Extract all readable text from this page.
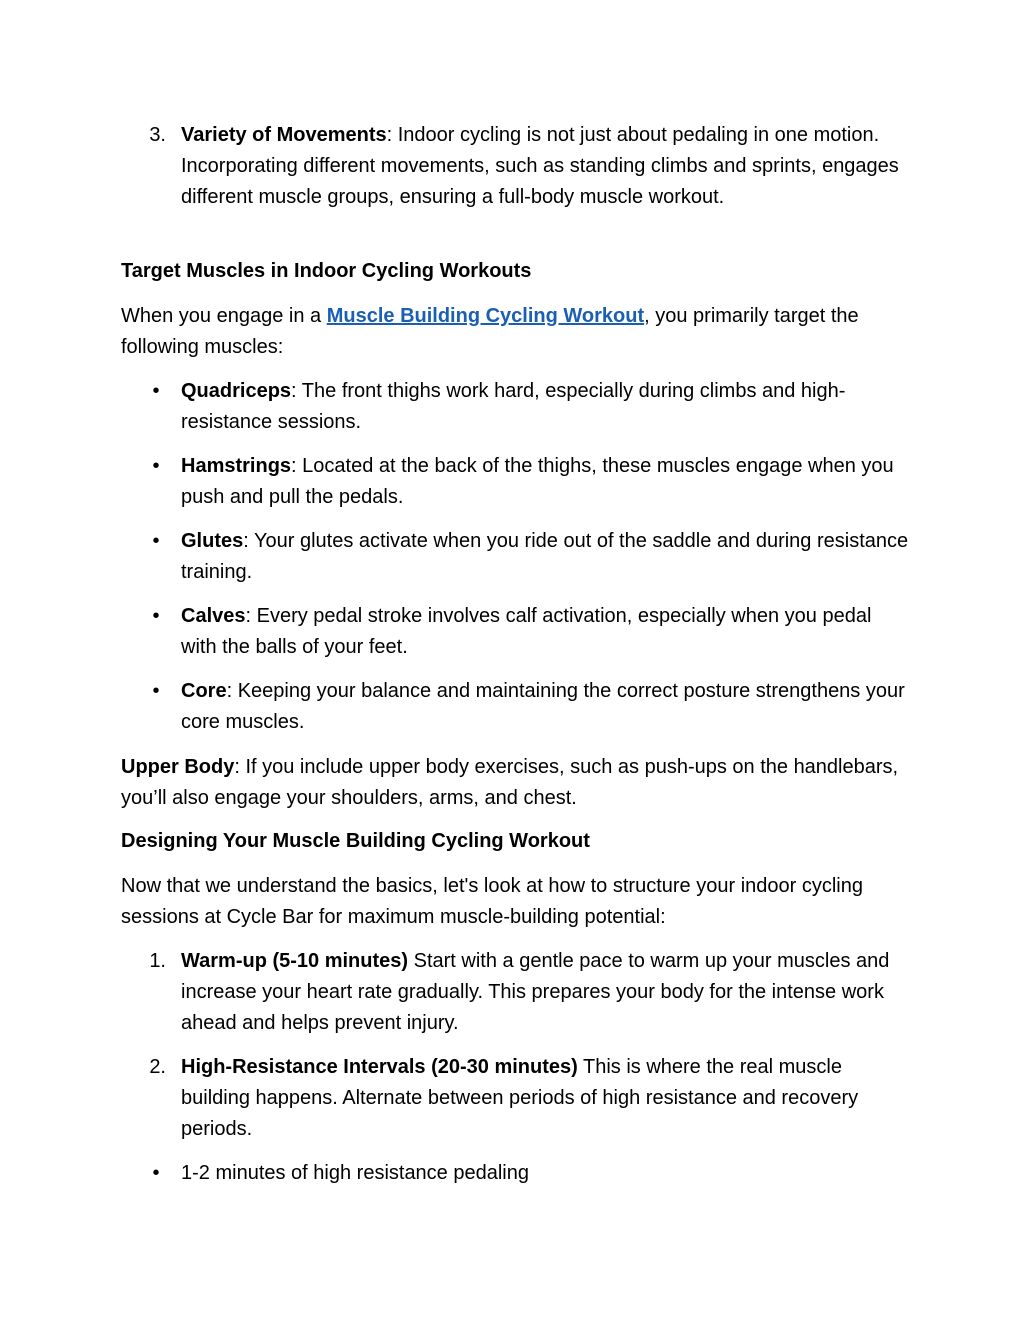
3. Variety of Movements: Indoor cycling is not just about pedaling in one motion. Incorporating different movements, such as standing climbs and sprints, engages different muscle groups, ensuring a full-body muscle workout.

Target Muscles in Indoor Cycling Workouts

When you engage in a Muscle Building Cycling Workout, you primarily target the following muscles:

•	Quadriceps: The front thighs work hard, especially during climbs and high-resistance sessions.

•	Hamstrings: Located at the back of the thighs, these muscles engage when you push and pull the pedals.

•	Glutes: Your glutes activate when you ride out of the saddle and during resistance training.

•	Calves: Every pedal stroke involves calf activation, especially when you pedal with the balls of your feet.

•	Core: Keeping your balance and maintaining the correct posture strengthens your core muscles.

Upper Body: If you include upper body exercises, such as push-ups on the handlebars, you’ll also engage your shoulders, arms, and chest.

Designing Your Muscle Building Cycling Workout

Now that we understand the basics, let's look at how to structure your indoor cycling sessions at Cycle Bar for maximum muscle-building potential:

1. Warm-up (5-10 minutes) Start with a gentle pace to warm up your muscles and increase your heart rate gradually. This prepares your body for the intense work ahead and helps prevent injury.

2. High-Resistance Intervals (20-30 minutes) This is where the real muscle building happens. Alternate between periods of high resistance and recovery periods.

•	1-2 minutes of high resistance pedaling
